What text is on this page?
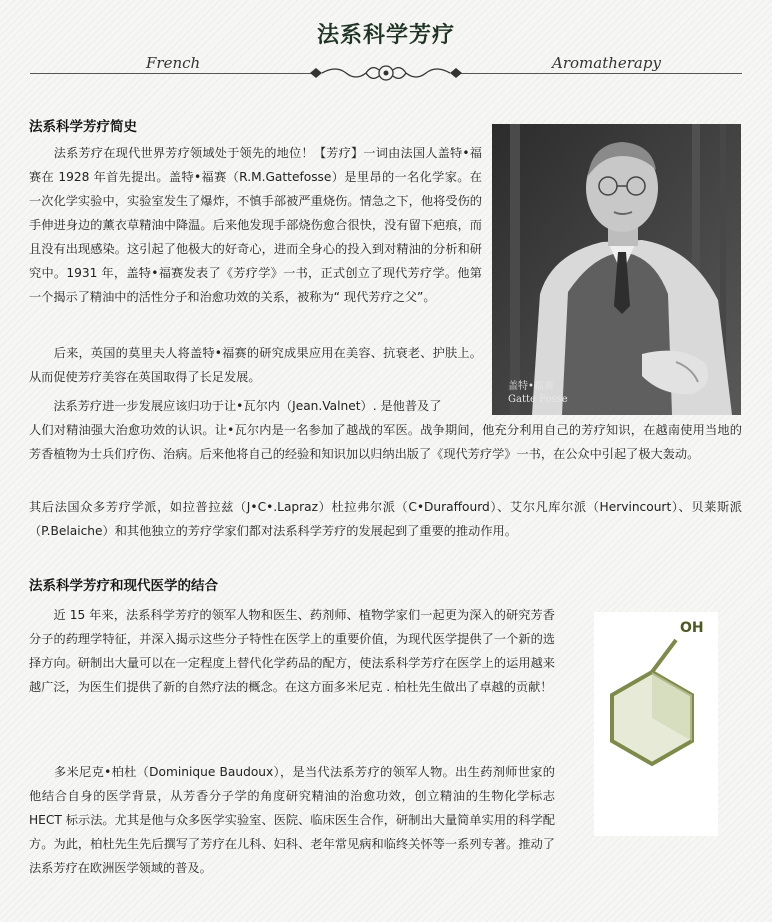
法系科学芳疗
French	Aromatherapy
法系科学芳疗简史

　　法系芳疗在现代世界芳疗领域处于领先的地位！【芳疗】一词由法国人盖特•福赛在 1928 年首先提出。盖特•福赛（R.M.Gattefosse）是里昂的一名化学家。在一次化学实验中，实验室发生了爆炸，不慎手部被严重烧伤。情急之下，他将受伤的手伸进身边的薰衣草精油中降温。后来他发现手部烧伤愈合很快，没有留下疤痕，而且没有出现感染。这引起了他极大的好奇心，进而全身心的投入到对精油的分析和研究中。1931 年，盖特•福赛发表了《芳疗学》一书，正式创立了现代芳疗学。他第一个揭示了精油中的活性分子和治愈功效的关系，被称为“ 现代芳疗之父”。

　　后来，英国的莫里夫人将盖特•福赛的研究成果应用在美容、抗衰老、护肤上。从而促使芳疗美容在英国取得了长足发展。

　　法系芳疗进一步发展应该归功于让•瓦尔内（Jean.Valnet）. 是他普及了

人们对精油强大治愈功效的认识。让•瓦尔内是一名参加了越战的军医。战争期间，他充分利用自己的芳疗知识，在越南使用当地的芳香植物为士兵们疗伤、治病。后来他将自己的经验和知识加以归纳出版了《现代芳疗学》一书，在公众中引起了极大轰动。

其后法国众多芳疗学派，如拉普拉兹（J•C•.Lapraz）杜拉弗尔派（C•Duraffourd）、艾尔凡库尔派（Hervincourt）、贝莱斯派（P.Belaiche）和其他独立的芳疗学家们都对法系科学芳疗的发展起到了重要的推动作用。

盖特•福赛
Gatte Fosse
法系科学芳疗和现代医学的结合

　　近 15 年来，法系科学芳疗的领军人物和医生、药剂师、植物学家们一起更为深入的研究芳香分子的药理学特征，并深入揭示这些分子特性在医学上的重要价值，为现代医学提供了一个新的选择方向。研制出大量可以在一定程度上替代化学药品的配方，使法系科学芳疗在医学上的运用越来越广泛，为医生们提供了新的自然疗法的概念。在这方面多米尼克 . 柏杜先生做出了卓越的贡献！

　　多米尼克•柏杜（Dominique Baudoux），是当代法系芳疗的领军人物。出生药剂师世家的他结合自身的医学背景，从芳香分子学的角度研究精油的治愈功效，创立精油的生物化学标志 HECT 标示法。尤其是他与众多医学实验室、医院、临床医生合作，研制出大量简单实用的科学配方。为此，柏杜先生先后撰写了芳疗在儿科、妇科、老年常见病和临终关怀等一系列专著。推动了法系芳疗在欧洲医学领域的普及。

OH
